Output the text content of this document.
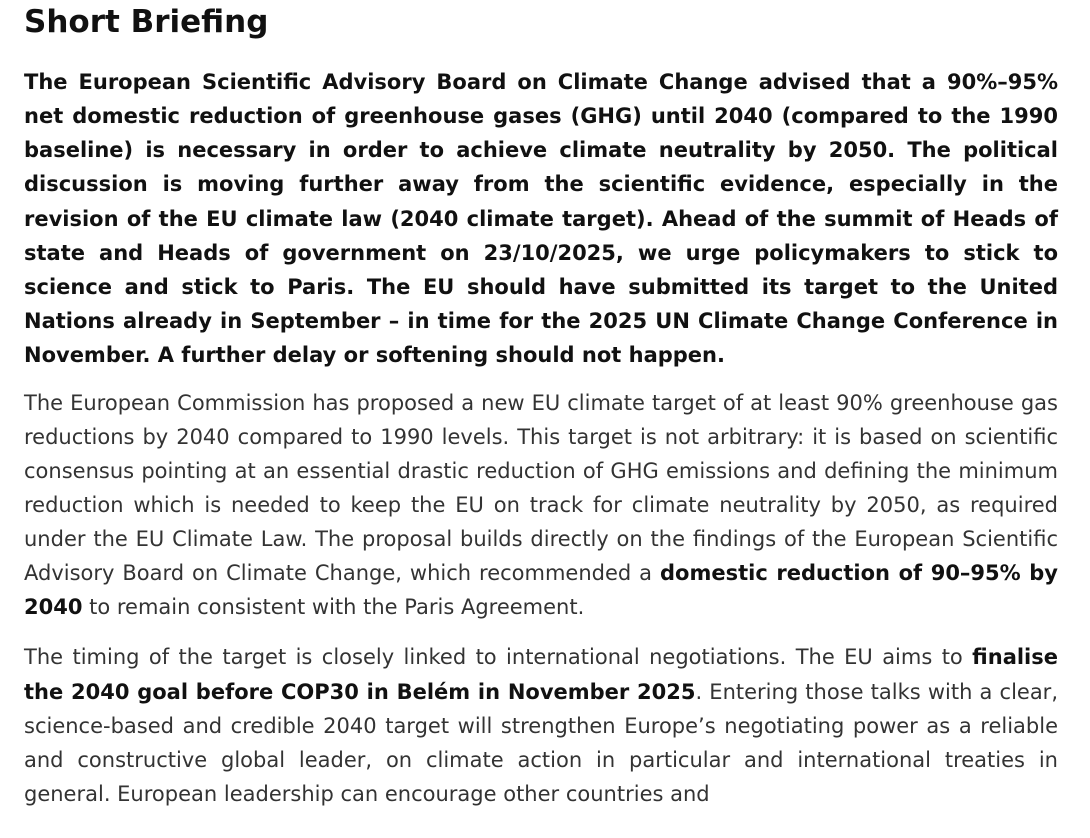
Short Briefing

The European Scientific Advisory Board on Climate Change advised that a 90%–95% net domestic reduction of greenhouse gases (GHG) until 2040 (compared to the 1990 baseline) is necessary in order to achieve climate neutrality by 2050. The political discussion is moving further away from the scientific evidence, especially in the revision of the EU climate law (2040 climate target). Ahead of the summit of Heads of state and Heads of government on 23/10/2025, we urge policymakers to stick to science and stick to Paris. The EU should have submitted its target to the United Nations already in September – in time for the 2025 UN Climate Change Conference in November. A further delay or softening should not happen.

The European Commission has proposed a new EU climate target of at least 90% greenhouse gas reductions by 2040 compared to 1990 levels. This target is not arbitrary: it is based on scientific consensus pointing at an essential drastic reduction of GHG emissions and defining the minimum reduction which is needed to keep the EU on track for climate neutrality by 2050, as required under the EU Climate Law. The proposal builds directly on the findings of the European Scientific Advisory Board on Climate Change, which recommended a domestic reduction of 90–95% by 2040 to remain consistent with the Paris Agreement.

The timing of the target is closely linked to international negotiations. The EU aims to finalise the 2040 goal before COP30 in Belém in November 2025. Entering those talks with a clear, science-based and credible 2040 target will strengthen Europe’s negotiating power as a reliable and constructive global leader, on climate action in particular and international treaties in general. European leadership can encourage other countries and
